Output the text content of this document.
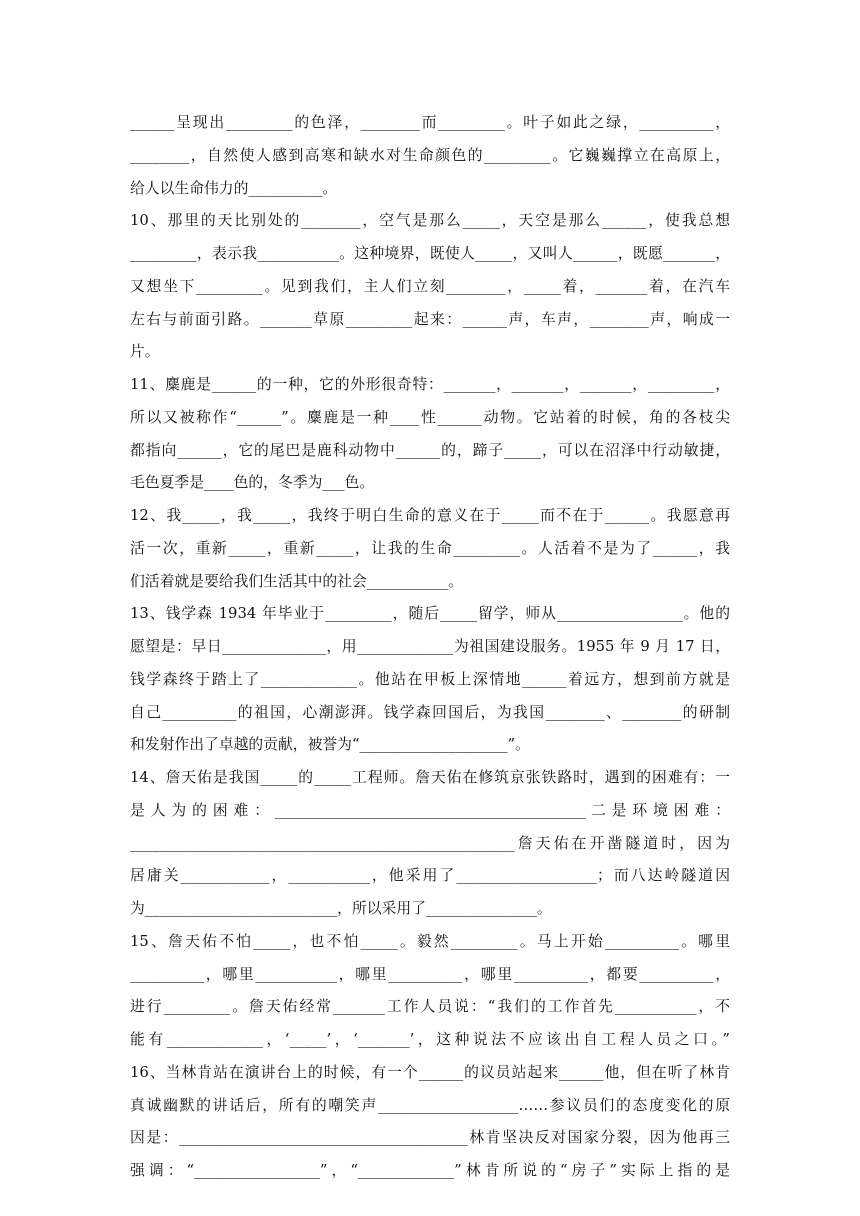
______呈现出_________的色泽，________而_________。叶子如此之绿，__________，
________，自然使人感到高寒和缺水对生命颜色的_________。它巍巍撑立在高原上，
给人以生命伟力的__________。
10、那里的天比别处的________，空气是那么_____，天空是那么______，使我总想
_________，表示我___________。这种境界，既使人_____，又叫人______，既愿_______，
又想坐下_________。见到我们，主人们立刻________，_____着，_______着，在汽车
左右与前面引路。_______草原_________起来：______声，车声，________声，响成一
片。
11、麋鹿是______的一种，它的外形很奇特：_______，_______，_______，_________，
所以又被称作“______”。麋鹿是一种____性______动物。它站着的时候，角的各枝尖
都指向______，它的尾巴是鹿科动物中______的，蹄子_____，可以在沼泽中行动敏捷，
毛色夏季是____色的，冬季为___色。
12、我_____，我_____，我终于明白生命的意义在于_____而不在于______。我愿意再
活一次，重新_____，重新_____，让我的生命_________。人活着不是为了______，我
们活着就是要给我们生活其中的社会___________。
13、钱学森 1934 年毕业于_________，随后_____留学，师从_________________。他的
愿望是：早日______________，用_____________为祖国建设服务。1955 年 9 月 17 日，
钱学森终于踏上了_____________。他站在甲板上深情地______着远方，想到前方就是
自己__________的祖国，心潮澎湃。钱学森回国后，为我国________、________的研制
和发射作出了卓越的贡献，被誉为“____________________”。
14、詹天佑是我国_____的_____工程师。詹天佑在修筑京张铁路时，遇到的困难有：一
是 人 为 的 困 难 ： __________________________________________ 二 是 环 境 困 难 ：
____________________________________________________詹天佑在开凿隧道时，因为
居庸关____________，___________，他采用了___________________；而八达岭隧道因
为__________________________，所以采用了_______________。
15、詹天佑不怕_____，也不怕_____。毅然_________。马上开始__________。哪里
__________，哪里___________，哪里__________，哪里__________，都要__________，
进行_________。詹天佑经常_______工作人员说：“我们的工作首先___________，不
能有_____________，‘_____’，‘_______’，这种说法不应该出自工程人员之口。”
16、当林肯站在演讲台上的时候，有一个______的议员站起来______他，但在听了林肯
真诚幽默的讲话后，所有的嘲笑声___________________……参议员们的态度变化的原
因是：_______________________________________林肯坚决反对国家分裂，因为他再三
强调：“_________________”，“_____________”林肯所说的“房子”实际上指的是
